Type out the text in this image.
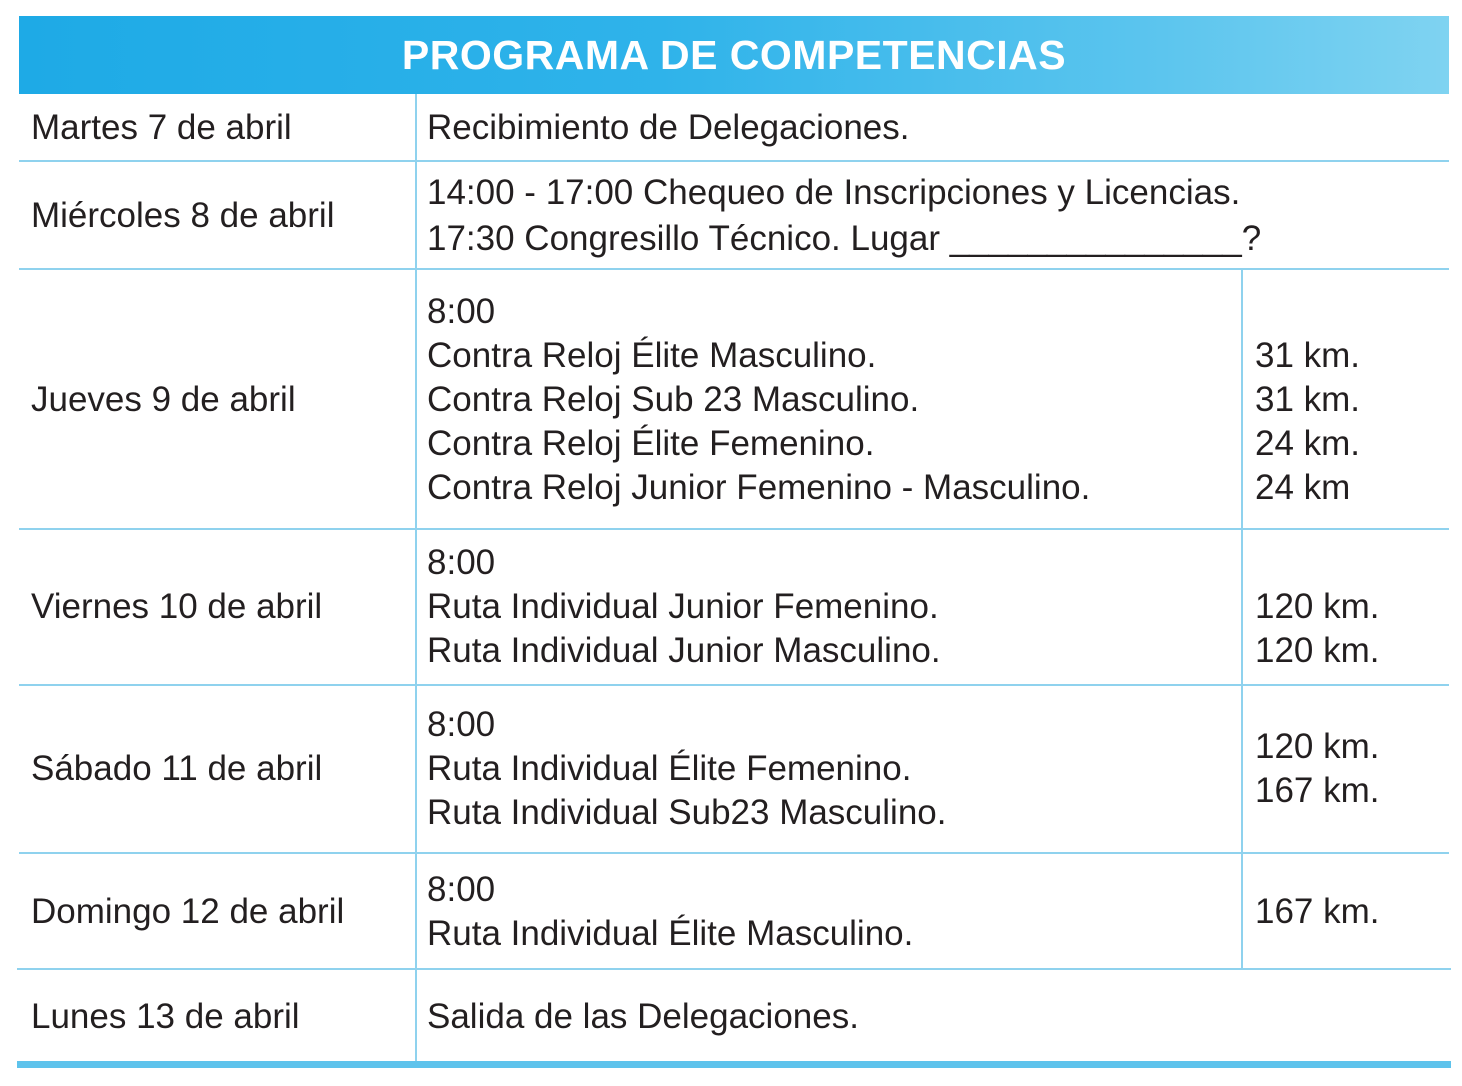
PROGRAMA DE COMPETENCIAS
Martes 7 de abril	Recibimiento de Delegaciones.
Miércoles 8 de abril
14:00 - 17:00 Chequeo de Inscripciones y Licencias.
17:30 Congresillo Técnico. Lugar _______________?
Jueves 9 de abril
8:00
Contra Reloj Élite Masculino.
Contra Reloj Sub 23 Masculino.
Contra Reloj Élite Femenino.
Contra Reloj Junior Femenino - Masculino.
31 km.
31 km.
24 km.
24 km
Viernes 10 de abril
8:00
Ruta Individual Junior Femenino.
Ruta Individual Junior Masculino.
120 km.
120 km.
Sábado 11 de abril
8:00
Ruta Individual Élite Femenino.
Ruta Individual Sub23 Masculino.
120 km.
167 km.
Domingo 12 de abril
8:00
Ruta Individual Élite Masculino.
167 km.
Lunes 13 de abril	Salida de las Delegaciones.
